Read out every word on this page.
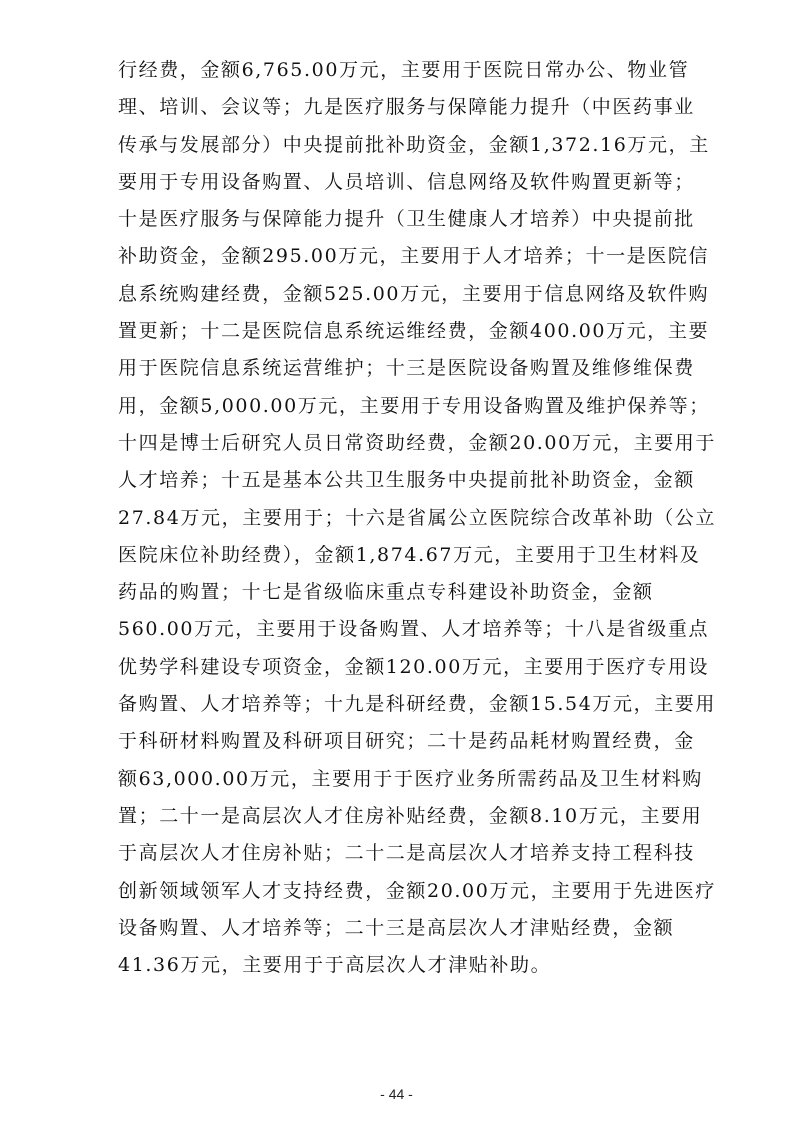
行经费，金额6,765.00万元，主要用于医院日常办公、物业管
理、培训、会议等；九是医疗服务与保障能力提升（中医药事业
传承与发展部分）中央提前批补助资金，金额1,372.16万元，主
要用于专用设备购置、人员培训、信息网络及软件购置更新等；
十是医疗服务与保障能力提升（卫生健康人才培养）中央提前批
补助资金，金额295.00万元，主要用于人才培养；十一是医院信
息系统购建经费，金额525.00万元，主要用于信息网络及软件购
置更新；十二是医院信息系统运维经费，金额400.00万元，主要
用于医院信息系统运营维护；十三是医院设备购置及维修维保费
用，金额5,000.00万元，主要用于专用设备购置及维护保养等；
十四是博士后研究人员日常资助经费，金额20.00万元，主要用于
人才培养；十五是基本公共卫生服务中央提前批补助资金，金额
27.84万元，主要用于；十六是省属公立医院综合改革补助（公立
医院床位补助经费），金额1,874.67万元，主要用于卫生材料及
药品的购置；十七是省级临床重点专科建设补助资金，金额
560.00万元，主要用于设备购置、人才培养等；十八是省级重点
优势学科建设专项资金，金额120.00万元，主要用于医疗专用设
备购置、人才培养等；十九是科研经费，金额15.54万元，主要用
于科研材料购置及科研项目研究；二十是药品耗材购置经费，金
额63,000.00万元，主要用于于医疗业务所需药品及卫生材料购
置；二十一是高层次人才住房补贴经费，金额8.10万元，主要用
于高层次人才住房补贴；二十二是高层次人才培养支持工程科技
创新领域领军人才支持经费，金额20.00万元，主要用于先进医疗
设备购置、人才培养等；二十三是高层次人才津贴经费，金额
41.36万元，主要用于于高层次人才津贴补助。
- 44 -
